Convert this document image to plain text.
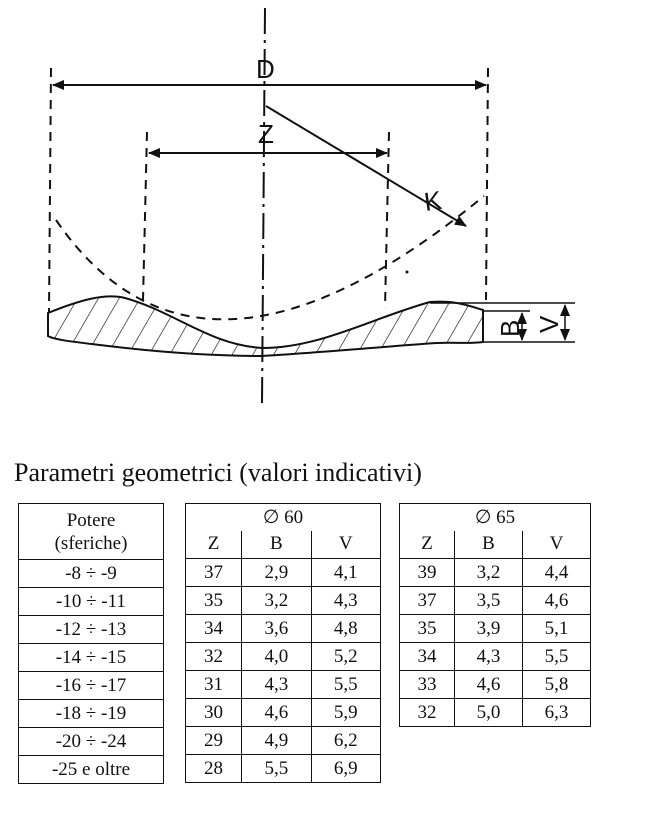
D
Z
K
B V
Parametri geometrici (valori indicativi)
Potere
(sferiche)
-8 ÷ -9
-10 ÷ -11
-12 ÷ -13
-14 ÷ -15
-16 ÷ -17
-18 ÷ -19
-20 ÷ -24
-25 e oltre
∅ 60		
Z	B	V
37	2,9	4,1
35	3,2	4,3
34	3,6	4,8
32	4,0	5,2
31	4,3	5,5
30	4,6	5,9
29	4,9	6,2
28	5,5	6,9
∅ 65		
Z	B	V
39	3,2	4,4
37	3,5	4,6
35	3,9	5,1
34	4,3	5,5
33	4,6	5,8
32	5,0	6,3
